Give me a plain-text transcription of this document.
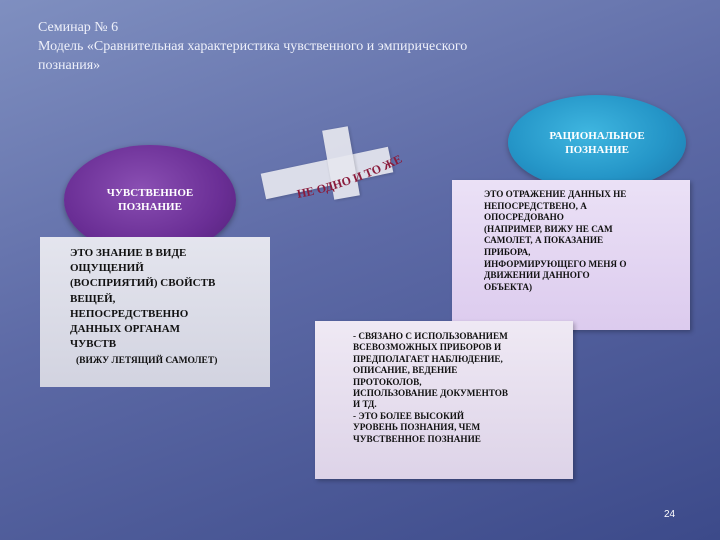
Семинар № 6
Модель «Сравнительная характеристика чувственного и эмпирического
познания»
ЧУВСТВЕННОЕ
ПОЗНАНИЕ
РАЦИОНАЛЬНОЕ
ПОЗНАНИЕ
НЕ ОДНО И ТО ЖЕ
ЭТО ЗНАНИЕ В ВИДЕ
ОЩУЩЕНИЙ
(ВОСПРИЯТИЙ) СВОЙСТВ
ВЕЩЕЙ,
НЕПОСРЕДСТВЕННО
ДАННЫХ ОРГАНАМ
ЧУВСТВ
(ВИЖУ ЛЕТЯЩИЙ САМОЛЕТ)
ЭТО ОТРАЖЕНИЕ ДАННЫХ НЕ
НЕПОСРЕДСТВЕНО, А
ОПОСРЕДОВАНО
(НАПРИМЕР, ВИЖУ НЕ САМ
САМОЛЕТ, А ПОКАЗАНИЕ
ПРИБОРА,
ИНФОРМИРУЮЩЕГО МЕНЯ О
ДВИЖЕНИИ ДАННОГО
ОБЪЕКТА)
- СВЯЗАНО С ИСПОЛЬЗОВАНИЕМ
ВСЕВОЗМОЖНЫХ ПРИБОРОВ И
ПРЕДПОЛАГАЕТ НАБЛЮДЕНИЕ,
ОПИСАНИЕ, ВЕДЕНИЕ
ПРОТОКОЛОВ,
ИСПОЛЬЗОВАНИЕ ДОКУМЕНТОВ
И ТД.
- ЭТО БОЛЕЕ ВЫСОКИЙ
УРОВЕНЬ ПОЗНАНИЯ, ЧЕМ
ЧУВСТВЕННОЕ ПОЗНАНИЕ
24
